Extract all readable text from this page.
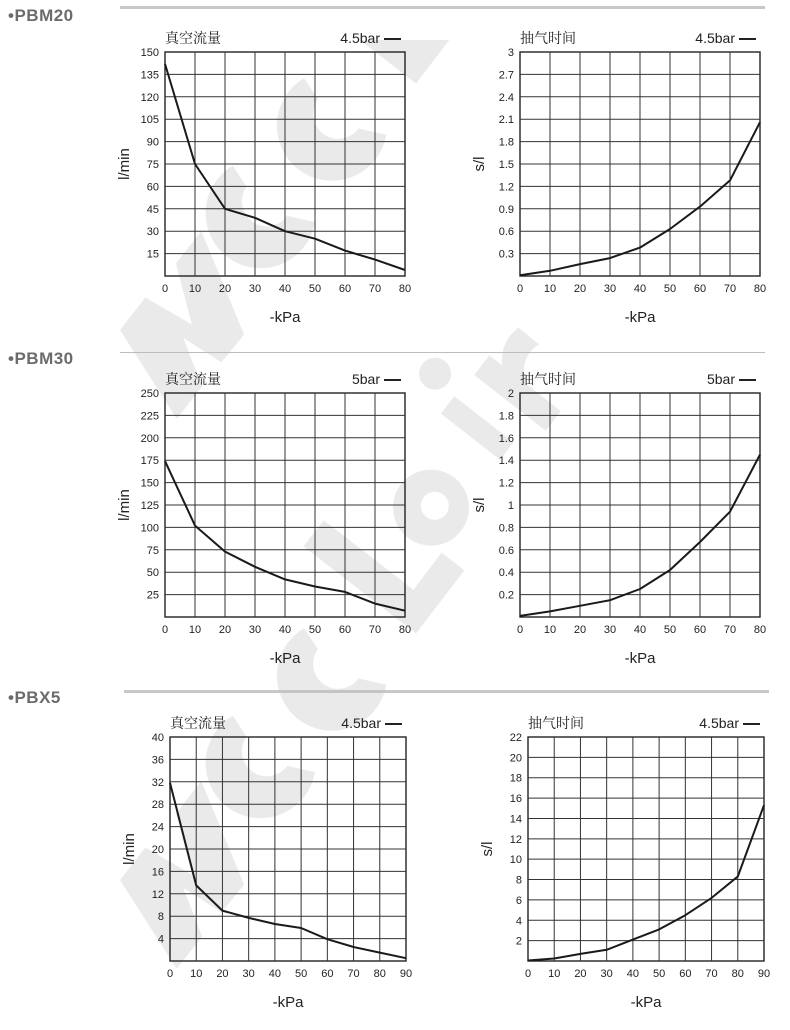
•PBM20
•PBM30
•PBX5
真空流量	4.5bar
0 10 20 30 40 50 60 70 80
15
30
45
60
75
90
105
120
135
150
l/min
-kPa
抽气时间	4.5bar
0 10 20 30 40 50 60 70 80
0.3
0.6
0.9
1.2
1.5
1.8
2.1
2.4
2.7
3
s/l
-kPa
真空流量	5bar
0 10 20 30 40 50 60 70 80
25
50
75
100
125
150
175
200
225
250
l/min
-kPa
抽气时间	5bar
0 10 20 30 40 50 60 70 80
0.2
0.4
0.6
0.8
1
1.2
1.4
1.6
1.8
2
s/l
-kPa
真空流量	4.5bar
0 10 20 30 40 50 60 70 80 90
4
8
12
16
20
24
28
32
36
40
l/min
-kPa
抽气时间	4.5bar
0 10 20 30 40 50 60 70 80 90
2
4
6
8
10
12
14
16
18
20
22
s/l
-kPa
